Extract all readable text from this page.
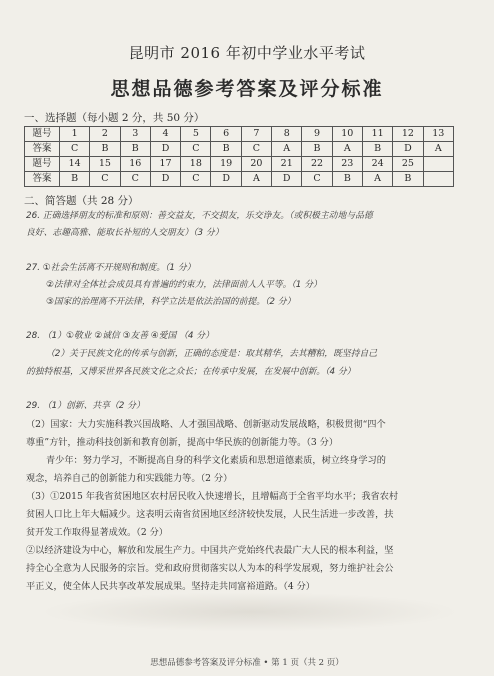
昆明市 2016 年初中学业水平考试
思想品德参考答案及评分标准
一、选择题（每小题 2 分，共 50 分）
题号	1	2	3	4	5	6	7	8	9	10	11	12	13
答案	C	B	B	D	C	B	C	A	B	A	B	D	A
题号	14	15	16	17	18	19	20	21	22	23	24	25	
答案	B	C	C	D	C	D	A	D	C	B	A	B	
二、简答题（共 28 分）
26. 正确选择朋友的标准和原则：善交益友，不交损友，乐交诤友。（或积极主动地与品德
良好、志趣高雅、能取长补短的人交朋友）（3 分）
27. ①社会生活离不开规则和制度。（1 分）
②法律对全体社会成员具有普遍的约束力，法律面前人人平等。（1 分）
③国家的治理离不开法律，科学立法是依法治国的前提。（2 分）
28. （1）①敬业 ②诚信 ③友善 ④爱国 （4 分）
（2）关于民族文化的传承与创新，正确的态度是：取其精华，去其糟粕，既坚持自己
的独特根基，又博采世界各民族文化之众长；在传承中发展，在发展中创新。（4 分）
29. （1）创新、共享（2 分）
（2）国家：大力实施科教兴国战略、人才强国战略、创新驱动发展战略，积极贯彻“四个
尊重”方针，推动科技创新和教育创新，提高中华民族的创新能力等。（3 分）
青少年：努力学习，不断提高自身的科学文化素质和思想道德素质，树立终身学习的
观念，培养自己的创新能力和实践能力等。（2 分）
（3）①2015 年我省贫困地区农村居民收入快速增长，且增幅高于全省平均水平；我省农村
贫困人口比上年大幅减少。这表明云南省贫困地区经济较快发展，人民生活进一步改善，扶
贫开发工作取得显著成效。（2 分）
②以经济建设为中心，解放和发展生产力。中国共产党始终代表最广大人民的根本利益，坚
持全心全意为人民服务的宗旨。党和政府贯彻落实以人为本的科学发展观，努力维护社会公
平正义，使全体人民共享改革发展成果。坚持走共同富裕道路。（4 分）
思想品德参考答案及评分标准 • 第 1 页（共 2 页）
